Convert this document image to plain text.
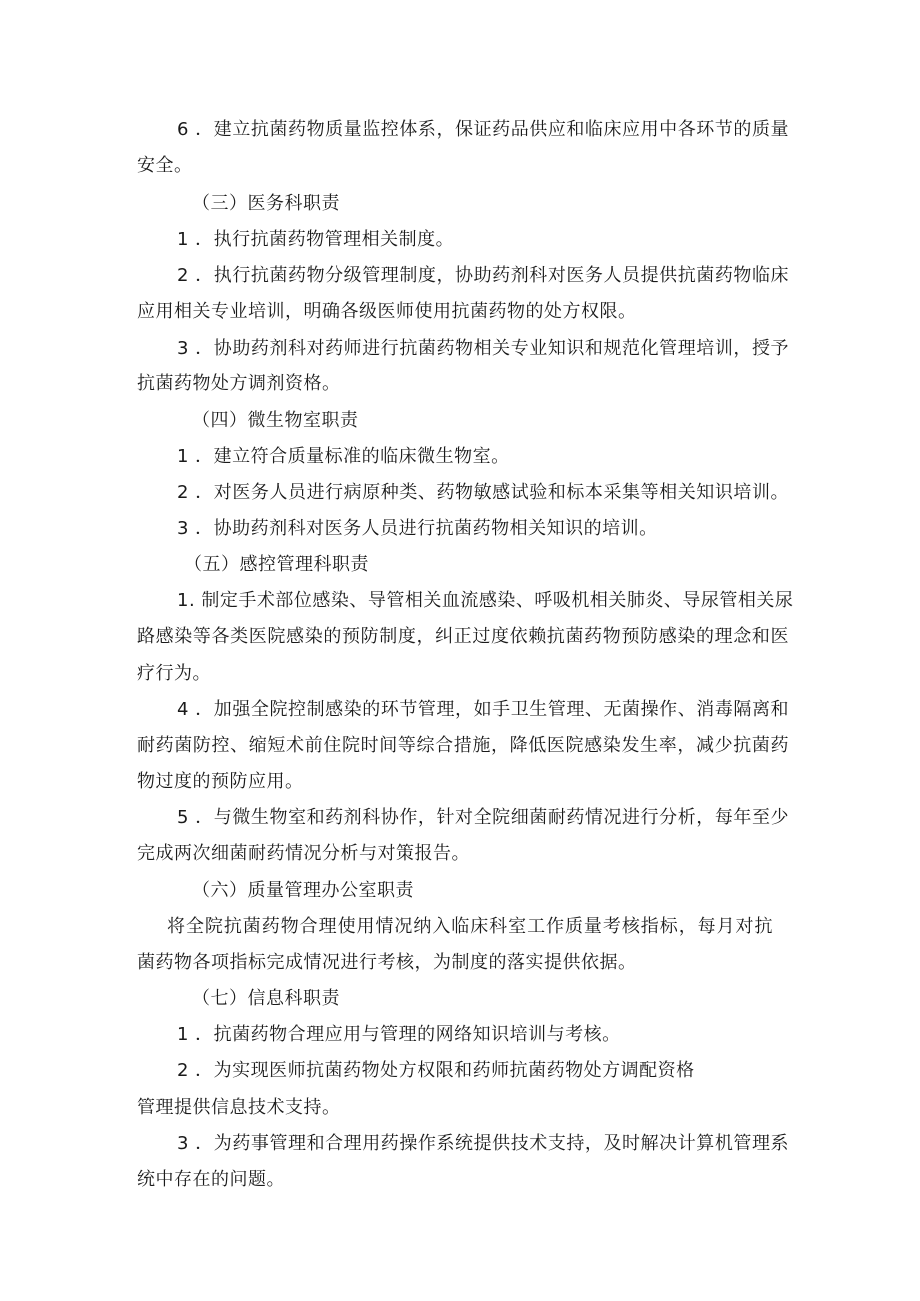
6 ．建立抗菌药物质量监控体系，保证药品供应和临床应用中各环节的质量
安全。
（三）医务科职责
1 ．执行抗菌药物管理相关制度。
2 ．执行抗菌药物分级管理制度，协助药剂科对医务人员提供抗菌药物临床
应用相关专业培训，明确各级医师使用抗菌药物的处方权限。
3 ．协助药剂科对药师进行抗菌药物相关专业知识和规范化管理培训，授予
抗菌药物处方调剂资格。
（四）微生物室职责
1 ．建立符合质量标准的临床微生物室。
2 ．对医务人员进行病原种类、药物敏感试验和标本采集等相关知识培训。
3 ．协助药剂科对医务人员进行抗菌药物相关知识的培训。
（五）感控管理科职责
1. 制定手术部位感染、导管相关血流感染、呼吸机相关肺炎、导尿管相关尿
路感染等各类医院感染的预防制度，纠正过度依赖抗菌药物预防感染的理念和医
疗行为。
4 ．加强全院控制感染的环节管理，如手卫生管理、无菌操作、消毒隔离和
耐药菌防控、缩短术前住院时间等综合措施，降低医院感染发生率，减少抗菌药
物过度的预防应用。
5 ．与微生物室和药剂科协作，针对全院细菌耐药情况进行分析，每年至少
完成两次细菌耐药情况分析与对策报告。
（六）质量管理办公室职责
将全院抗菌药物合理使用情况纳入临床科室工作质量考核指标，每月对抗
菌药物各项指标完成情况进行考核，为制度的落实提供依据。
（七）信息科职责
1 ．抗菌药物合理应用与管理的网络知识培训与考核。
2 ．为实现医师抗菌药物处方权限和药师抗菌药物处方调配资格
管理提供信息技术支持。
3 ．为药事管理和合理用药操作系统提供技术支持，及时解决计算机管理系
统中存在的问题。
